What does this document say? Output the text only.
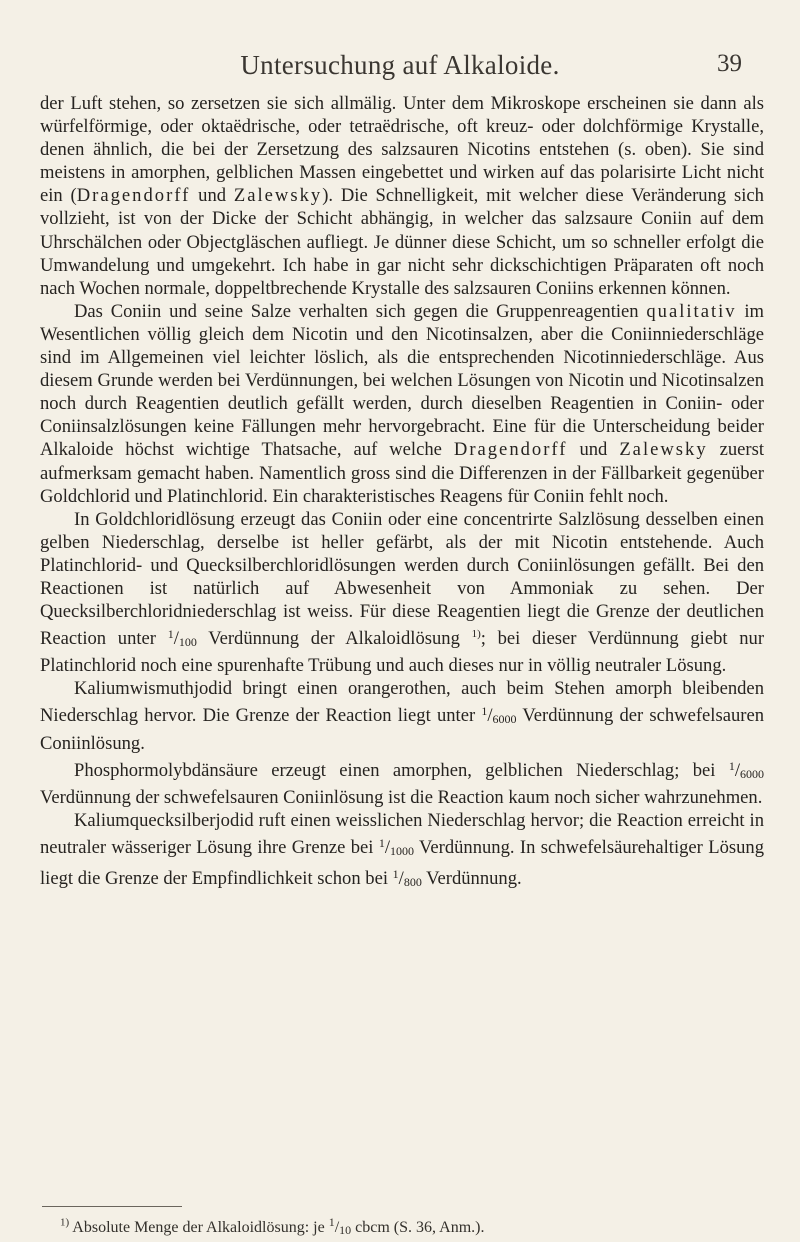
Untersuchung auf Alkaloide.	39

der Luft stehen, so zersetzen sie sich allmälig. Unter dem Mikroskope erscheinen sie dann als würfelförmige, oder oktaëdrische, oder tetraëdrische, oft kreuz- oder dolchförmige Krystalle, denen ähnlich, die bei der Zersetzung des salzsauren Nicotins entstehen (s. oben). Sie sind meistens in amorphen, gelblichen Massen eingebettet und wirken auf das polarisirte Licht nicht ein (Dragendorff und Zalewsky). Die Schnelligkeit, mit welcher diese Veränderung sich vollzieht, ist von der Dicke der Schicht abhängig, in welcher das salzsaure Coniin auf dem Uhrschälchen oder Objectgläschen aufliegt. Je dünner diese Schicht, um so schneller erfolgt die Umwandelung und umgekehrt. Ich habe in gar nicht sehr dickschichtigen Präparaten oft noch nach Wochen normale, doppeltbrechende Krystalle des salzsauren Coniins erkennen können.

Das Coniin und seine Salze verhalten sich gegen die Gruppenreagentien qualitativ im Wesentlichen völlig gleich dem Nicotin und den Nicotinsalzen, aber die Coniinniederschläge sind im Allgemeinen viel leichter löslich, als die entsprechenden Nicotinniederschläge. Aus diesem Grunde werden bei Verdünnungen, bei welchen Lösungen von Nicotin und Nicotinsalzen noch durch Reagentien deutlich gefällt werden, durch dieselben Reagentien in Coniin- oder Coniinsalzlösungen keine Fällungen mehr hervorgebracht. Eine für die Unterscheidung beider Alkaloide höchst wichtige Thatsache, auf welche Dragendorff und Zalewsky zuerst aufmerksam gemacht haben. Namentlich gross sind die Differenzen in der Fällbarkeit gegenüber Goldchlorid und Platinchlorid. Ein charakteristisches Reagens für Coniin fehlt noch.

In Goldchloridlösung erzeugt das Coniin oder eine concentrirte Salzlösung desselben einen gelben Niederschlag, derselbe ist heller gefärbt, als der mit Nicotin entstehende. Auch Platinchlorid- und Quecksilberchloridlösungen werden durch Coniinlösungen gefällt. Bei den Reactionen ist natürlich auf Abwesenheit von Ammoniak zu sehen. Der Quecksilberchloridniederschlag ist weiss. Für diese Reagentien liegt die Grenze der deutlichen Reaction unter $^1$/100 Verdünnung der Alkaloidlösung $^{1)}$; bei dieser Verdünnung giebt nur Platinchlorid noch eine spurenhafte Trübung und auch dieses nur in völlig neutraler Lösung.

Kaliumwismuthjodid bringt einen orangerothen, auch beim Stehen amorph bleibenden Niederschlag hervor. Die Grenze der Reaction liegt unter $^1$/6000 Verdünnung der schwefelsauren Coniinlösung.

Phosphormolybdänsäure erzeugt einen amorphen, gelblichen Niederschlag; bei $^1$/6000 Verdünnung der schwefelsauren Coniinlösung ist die Reaction kaum noch sicher wahrzunehmen.

Kaliumquecksilberjodid ruft einen weisslichen Niederschlag hervor; die Reaction erreicht in neutraler wässeriger Lösung ihre Grenze bei $^1$/1000 Verdünnung. In schwefelsäurehaltiger Lösung liegt die Grenze der Empfindlichkeit schon bei $^1$/800 Verdünnung.

$^{1)}$ Absolute Menge der Alkaloidlösung: je $^1$/10 cbcm (S. 36, Anm.).
